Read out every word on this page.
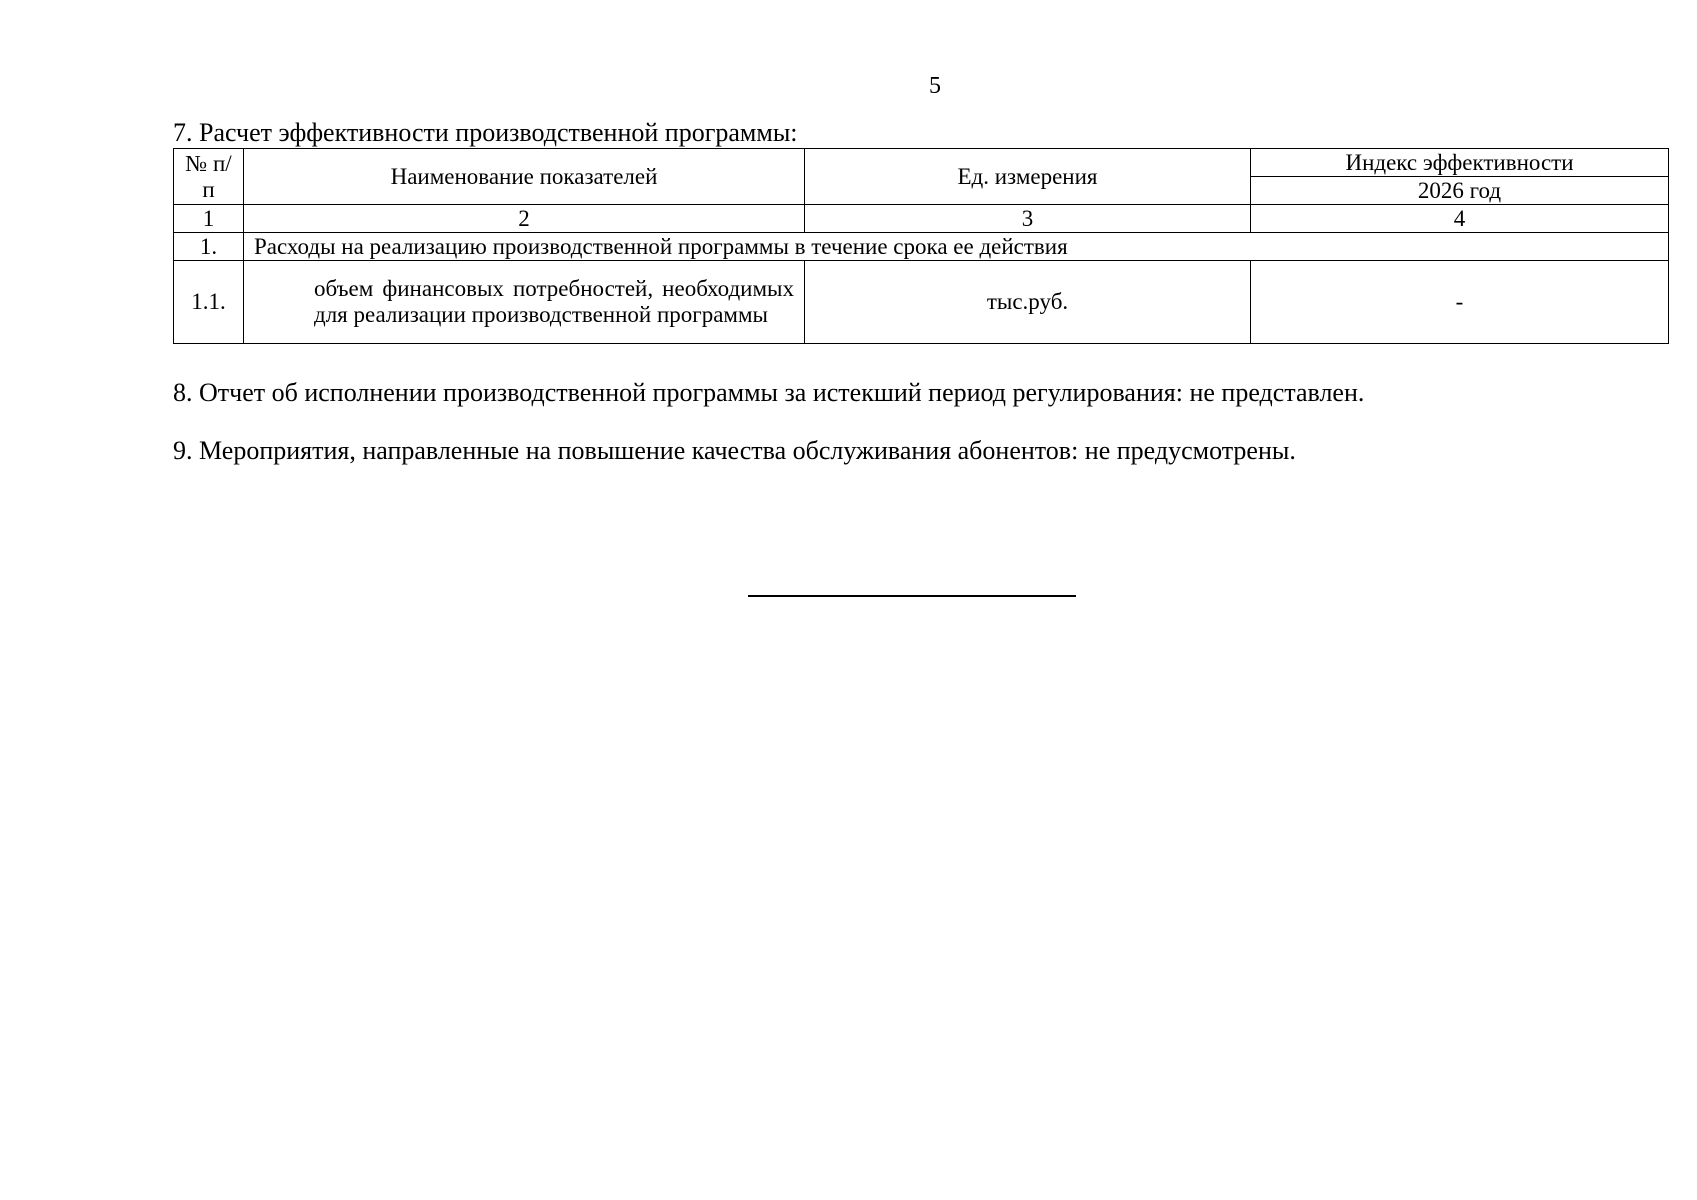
5
7. Расчет эффективности производственной программы:
№ п/п	Наименование показателей	Ед. измерения	Индекс эффективности
			2026 год
1	2	3	4
1.	Расходы на реализацию производственной программы в течение срока ее действия		
1.1.	объем финансовых потребностей, необходимых для реализации производственной программы	тыс.руб.	-
8. Отчет об исполнении производственной программы за истекший период регулирования: не представлен.
9. Мероприятия, направленные на повышение качества обслуживания абонентов: не предусмотрены.
